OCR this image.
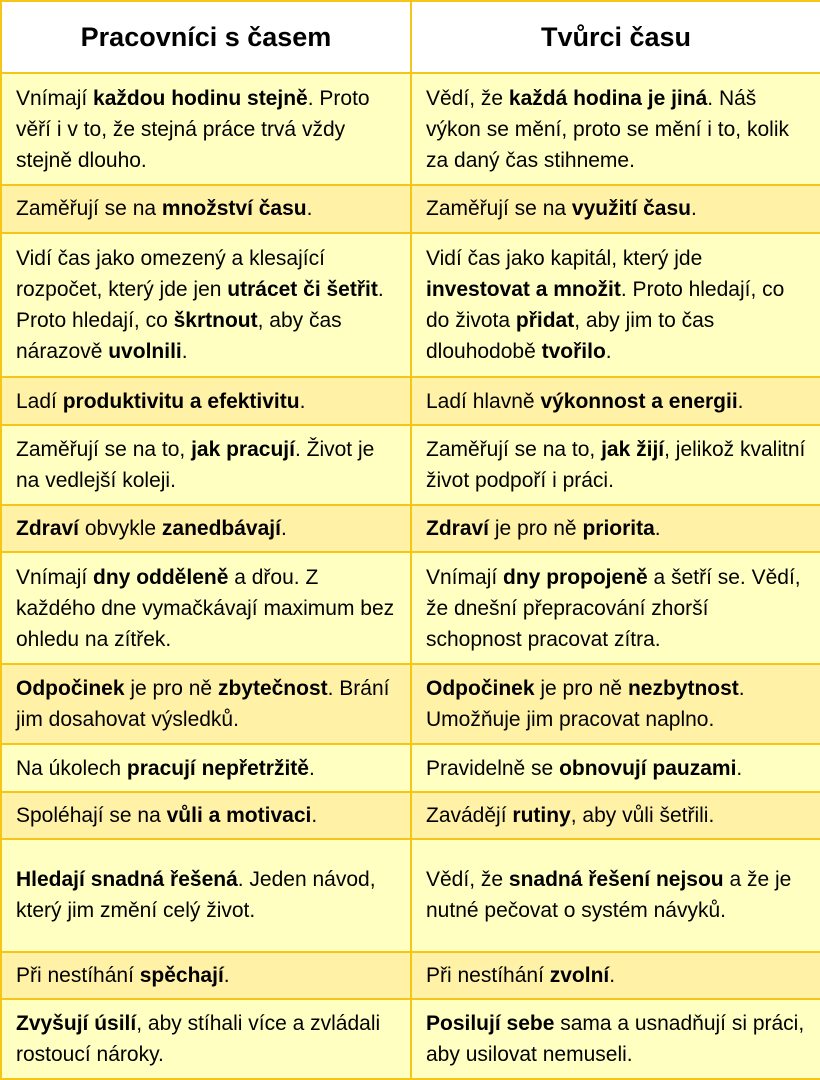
Pracovníci s časem	Tvůrci času
Vnímají každou hodinu stejně. Proto věří i v to, že stejná práce trvá vždy stejně dlouho.	Vědí, že každá hodina je jiná. Náš výkon se mění, proto se mění i to, kolik za daný čas stihneme.
Zaměřují se na množství času.	Zaměřují se na využití času.
Vidí čas jako omezený a klesající rozpočet, který jde jen utrácet či šetřit. Proto hledají, co škrtnout, aby čas nárazově uvolnili.	Vidí čas jako kapitál, který jde investovat a množit. Proto hledají, co do života přidat, aby jim to čas dlouhodobě tvořilo.
Ladí produktivitu a efektivitu.	Ladí hlavně výkonnost a energii.
Zaměřují se na to, jak pracují. Život je na vedlejší koleji.	Zaměřují se na to, jak žijí, jelikož kvalitní život podpoří i práci.
Zdraví obvykle zanedbávají.	Zdraví je pro ně priorita.
Vnímají dny odděleně a dřou. Z každého dne vymačkávají maximum bez ohledu na zítřek.	Vnímají dny propojeně a šetří se. Vědí, že dnešní přepracování zhorší schopnost pracovat zítra.
Odpočinek je pro ně zbytečnost. Brání jim dosahovat výsledků.	Odpočinek je pro ně nezbytnost. Umožňuje jim pracovat naplno.
Na úkolech pracují nepřetržitě.	Pravidelně se obnovují pauzami.
Spoléhají se na vůli a motivaci.	Zavádějí rutiny, aby vůli šetřili.
Hledají snadná řešená. Jeden návod, který jim změní celý život.	Vědí, že snadná řešení nejsou a že je nutné pečovat o systém návyků.
Při nestíhání spěchají.	Při nestíhání zvolní.
Zvyšují úsilí, aby stíhali více a zvládali rostoucí nároky.	Posilují sebe sama a usnadňují si práci, aby usilovat nemuseli.
